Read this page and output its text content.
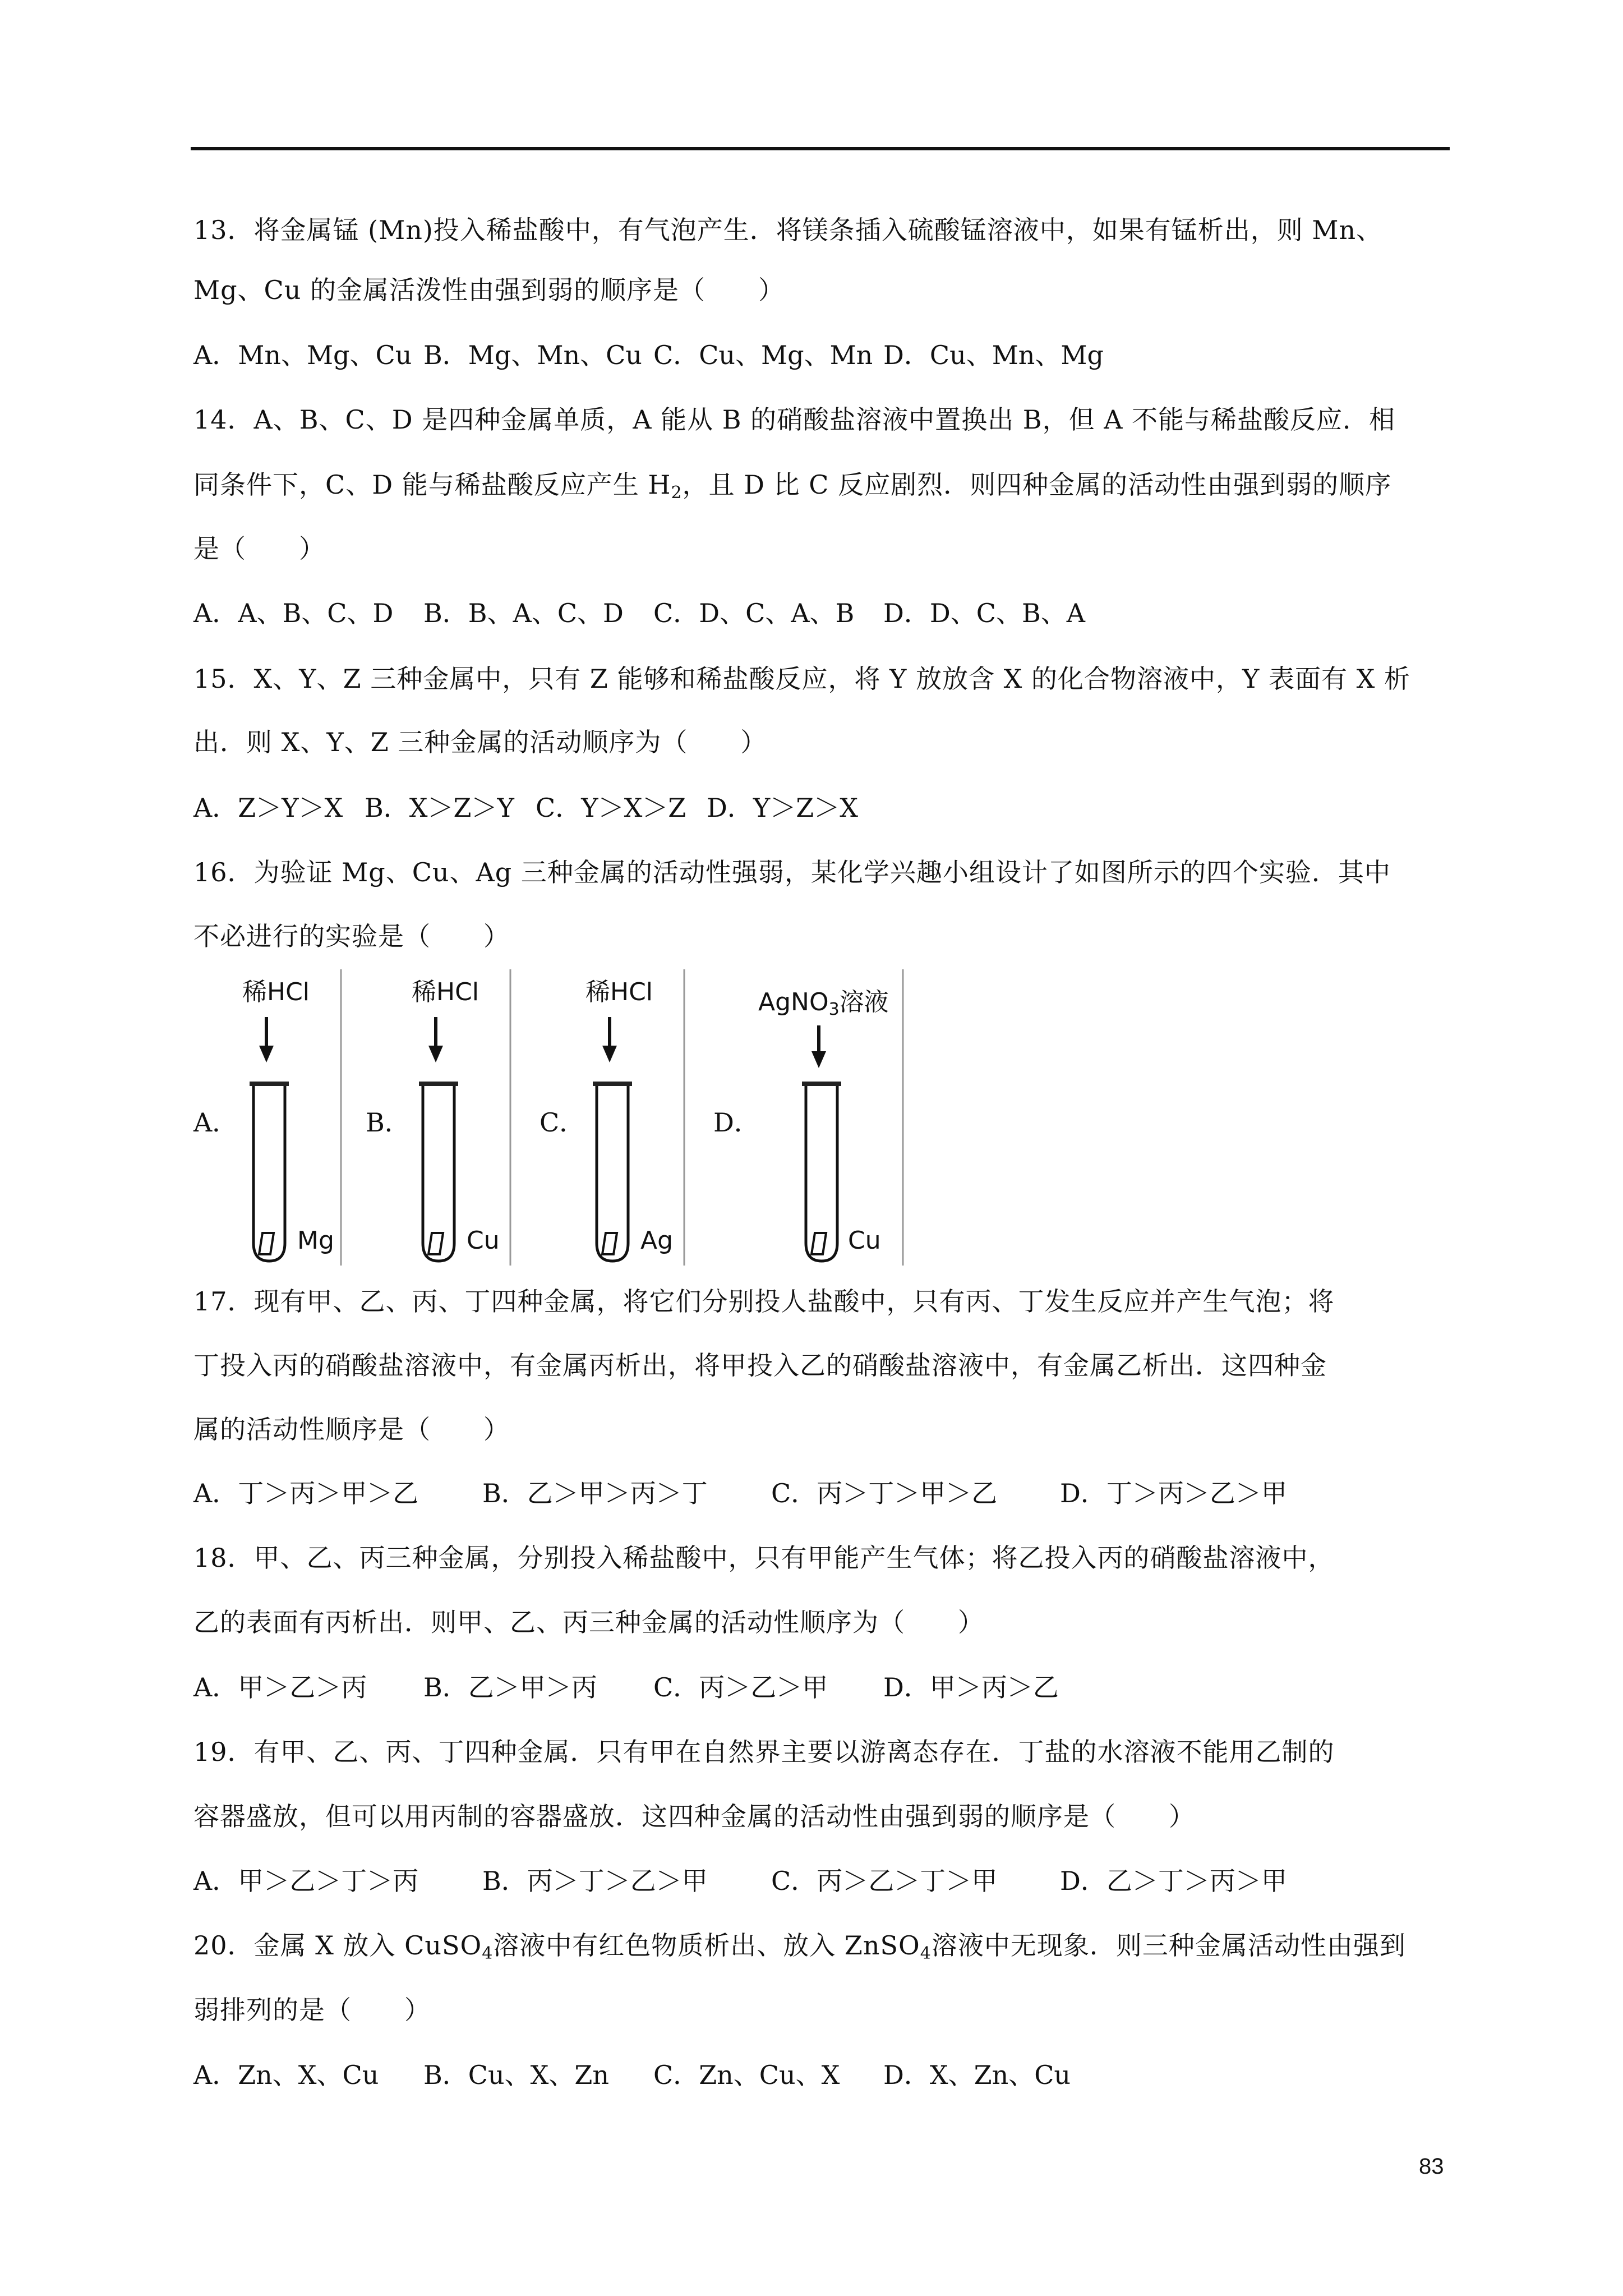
13．将金属锰 (Mn)投入稀盐酸中，有气泡产生．将镁条插入硫酸锰溶液中，如果有锰析出，则 Mn、
Mg、Cu 的金属活泼性由强到弱的顺序是（　　）

A．Mn、Mg、Cu

B．Mg、Mn、Cu

C．Cu、Mg、Mn

D．Cu、Mn、Mg

14．A、B、C、D 是四种金属单质，A 能从 B 的硝酸盐溶液中置换出 B，但 A 不能与稀盐酸反应．相
同条件下，C、D 能与稀盐酸反应产生 $H_2$，且 D 比 C 反应剧烈．则四种金属的活动性由强到弱的顺序
是（　　）

A．A、B、C、D

B．B、A、C、D

C．D、C、A、B

D．D、C、B、A

15．X、Y、Z 三种金属中，只有 Z 能够和稀盐酸反应，将 Y 放放含 X 的化合物溶液中，Y 表面有 X 析
出．则 X、Y、Z 三种金属的活动顺序为（　　）

A．Z＞Y＞X

B．X＞Z＞Y

C．Y＞X＞Z

D．Y＞Z＞X

16．为验证 Mg、Cu、Ag 三种金属的活动性强弱，某化学兴趣小组设计了如图所示的四个实验．其中
不必进行的实验是（　　）
A．
稀HCl
Mg
B．
稀HCl
Cu
C．
稀HCl
Ag
D．
AgNO$_3$溶液
Cu
17．现有甲、乙、丙、丁四种金属，将它们分别投人盐酸中，只有丙、丁发生反应并产生气泡；将
丁投入丙的硝酸盐溶液中，有金属丙析出，将甲投入乙的硝酸盐溶液中，有金属乙析出．这四种金
属的活动性顺序是（　　）

A．丁＞丙＞甲＞乙

B．乙＞甲＞丙＞丁

C．丙＞丁＞甲＞乙

D．丁＞丙＞乙＞甲

18．甲、乙、丙三种金属，分别投入稀盐酸中，只有甲能产生气体；将乙投入丙的硝酸盐溶液中，
乙的表面有丙析出．则甲、乙、丙三种金属的活动性顺序为（　　）

A．甲＞乙＞丙

B．乙＞甲＞丙

C．丙＞乙＞甲

D．甲＞丙＞乙

19．有甲、乙、丙、丁四种金属．只有甲在自然界主要以游离态存在．丁盐的水溶液不能用乙制的
容器盛放，但可以用丙制的容器盛放．这四种金属的活动性由强到弱的顺序是（　　）

A．甲＞乙＞丁＞丙

B．丙＞丁＞乙＞甲

C．丙＞乙＞丁＞甲

D．乙＞丁＞丙＞甲

20．金属 X 放入 CuSO$_4$溶液中有红色物质析出、放入 ZnSO$_4$溶液中无现象．则三种金属活动性由强到
弱排列的是（　　）

A．Zn、X、Cu

B．Cu、X、Zn

C．Zn、Cu、X

D．X、Zn、Cu

83
